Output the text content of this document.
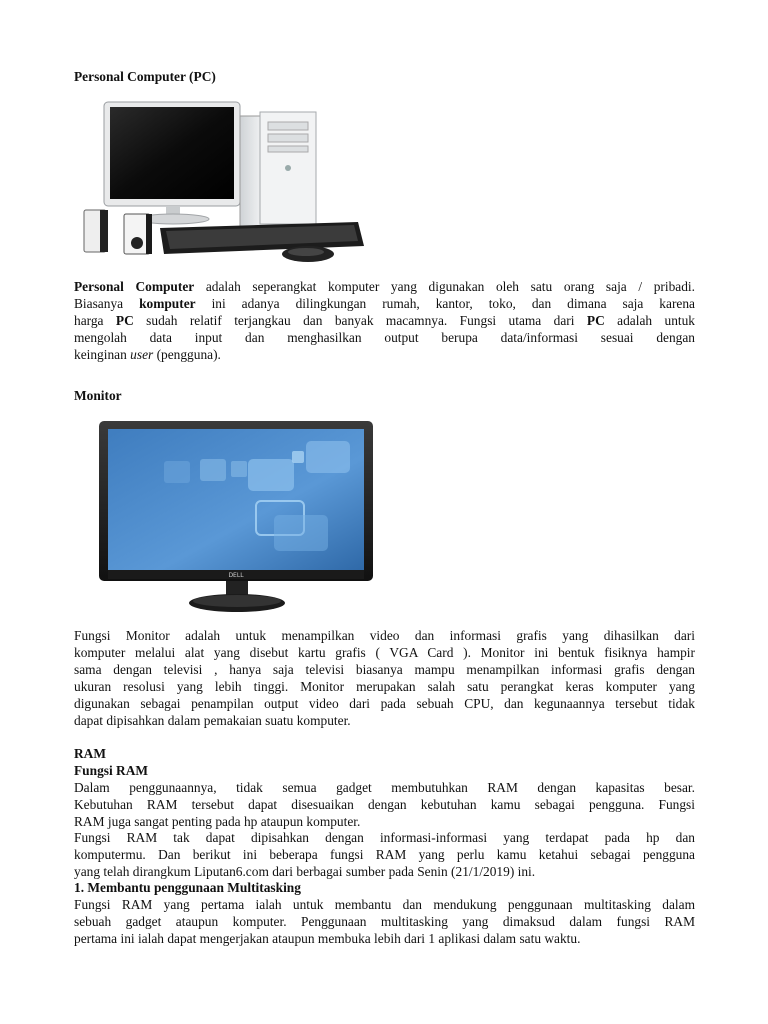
Personal Computer (PC)
Personal Computer adalah seperangkat komputer yang digunakan oleh satu orang saja / pribadi.
Biasanya komputer ini adanya dilingkungan rumah, kantor, toko, dan dimana saja karena
harga PC sudah relatif terjangkau dan banyak macamnya. Fungsi utama dari PC adalah untuk
mengolah data input dan menghasilkan output berupa data/informasi sesuai dengan
keinginan user (pengguna).
Monitor
DELL
Fungsi Monitor adalah untuk menampilkan video dan informasi grafis yang dihasilkan dari
komputer melalui alat yang disebut kartu grafis ( VGA Card ). Monitor ini bentuk fisiknya hampir
sama dengan televisi , hanya saja televisi biasanya mampu menampilkan informasi grafis dengan
ukuran resolusi yang lebih tinggi. Monitor merupakan salah satu perangkat keras komputer yang
digunakan sebagai penampilan output video dari pada sebuah CPU, dan kegunaannya tersebut tidak
dapat dipisahkan dalam pemakaian suatu komputer.
RAM
Fungsi RAM
Dalam penggunaannya, tidak semua gadget membutuhkan RAM dengan kapasitas besar.
Kebutuhan RAM tersebut dapat disesuaikan dengan kebutuhan kamu sebagai pengguna. Fungsi
RAM juga sangat penting pada hp ataupun komputer.
Fungsi RAM tak dapat dipisahkan dengan informasi-informasi yang terdapat pada hp dan
komputermu. Dan berikut ini beberapa fungsi RAM yang perlu kamu ketahui sebagai pengguna
yang telah dirangkum Liputan6.com dari berbagai sumber pada Senin (21/1/2019) ini.
1. Membantu penggunaan Multitasking
Fungsi RAM yang pertama ialah untuk membantu dan mendukung penggunaan multitasking dalam
sebuah gadget ataupun komputer. Penggunaan multitasking yang dimaksud dalam fungsi RAM
pertama ini ialah dapat mengerjakan ataupun membuka lebih dari 1 aplikasi dalam satu waktu.
